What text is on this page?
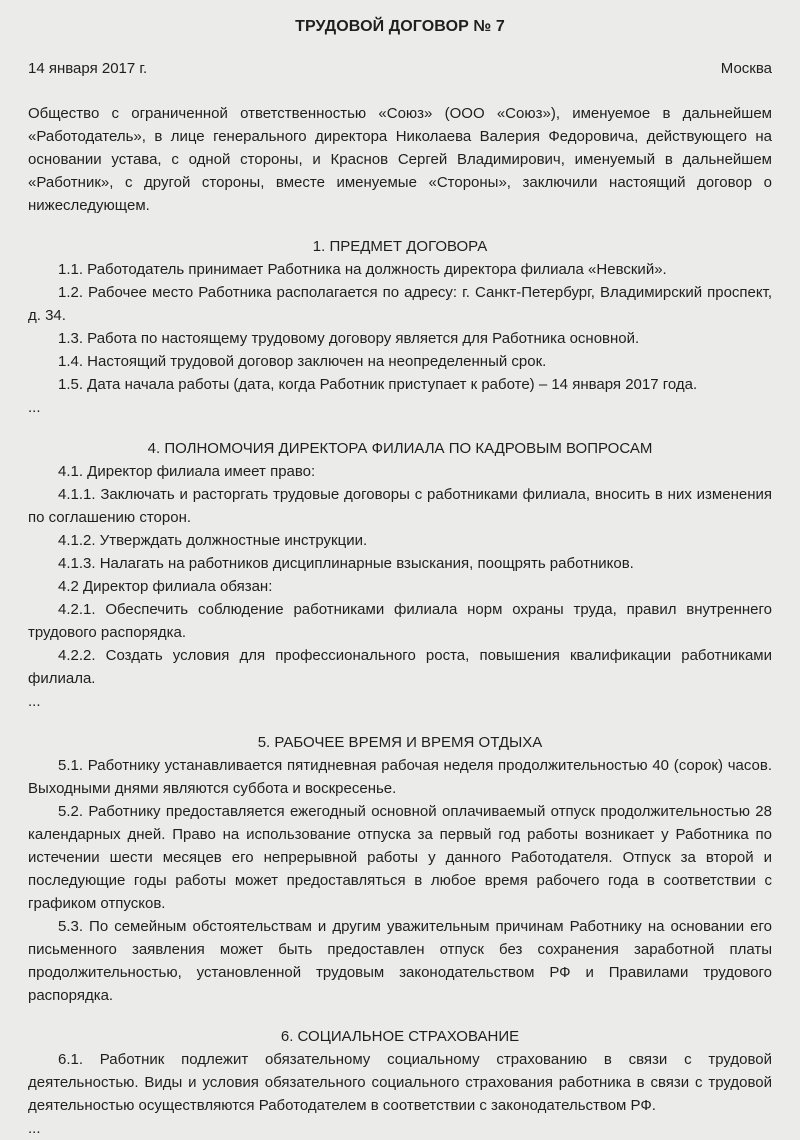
ТРУДОВОЙ ДОГОВОР № 7
14 января 2017 г.	Москва

Общество с ограниченной ответственностью «Союз» (ООО «Союз»), именуемое в дальнейшем «Работодатель», в лице генерального директора Николаева Валерия Федоровича, действующего на основании устава, с одной стороны, и Краснов Сергей Владимирович, именуемый в дальнейшем «Работник», с другой стороны, вместе именуемые «Стороны», заключили настоящий договор о нижеследующем.

1. ПРЕДМЕТ ДОГОВОРА

1.1. Работодатель принимает Работника на должность директора филиала «Невский».

1.2. Рабочее место Работника располагается по адресу: г. Санкт-Петербург, Владимирский проспект, д. 34.

1.3. Работа по настоящему трудовому договору является для Работника основной.

1.4. Настоящий трудовой договор заключен на неопределенный срок.

1.5. Дата начала работы (дата, когда Работник приступает к работе) – 14 января 2017 года.

...

4. ПОЛНОМОЧИЯ ДИРЕКТОРА ФИЛИАЛА ПО КАДРОВЫМ ВОПРОСАМ

4.1. Директор филиала имеет право:

4.1.1. Заключать и расторгать трудовые договоры с работниками филиала, вносить в них изменения по соглашению сторон.

4.1.2. Утверждать должностные инструкции.

4.1.3. Налагать на работников дисциплинарные взыскания, поощрять работников.

4.2 Директор филиала обязан:

4.2.1. Обеспечить соблюдение работниками филиала норм охраны труда, правил внутреннего трудового распорядка.

4.2.2. Создать условия для профессионального роста, повышения квалификации работниками филиала.

...

5. РАБОЧЕЕ ВРЕМЯ И ВРЕМЯ ОТДЫХА

5.1. Работнику устанавливается пятидневная рабочая неделя продолжительностью 40 (сорок) часов. Выходными днями являются суббота и воскресенье.

5.2. Работнику предоставляется ежегодный основной оплачиваемый отпуск продолжительностью 28 календарных дней. Право на использование отпуска за первый год работы возникает у Работника по истечении шести месяцев его непрерывной работы у данного Работодателя. Отпуск за второй и последующие годы работы может предоставляться в любое время рабочего года в соответствии с графиком отпусков.

5.3. По семейным обстоятельствам и другим уважительным причинам Работнику на основании его письменного заявления может быть предоставлен отпуск без сохранения заработной платы продолжительностью, установленной трудовым законодательством РФ и Правилами трудового распорядка.

6. СОЦИАЛЬНОЕ СТРАХОВАНИЕ

6.1. Работник подлежит обязательному социальному страхованию в связи с трудовой деятельностью. Виды и условия обязательного социального страхования работника в связи с трудовой деятельностью осуществляются Работодателем в соответствии с законодательством РФ.

...
